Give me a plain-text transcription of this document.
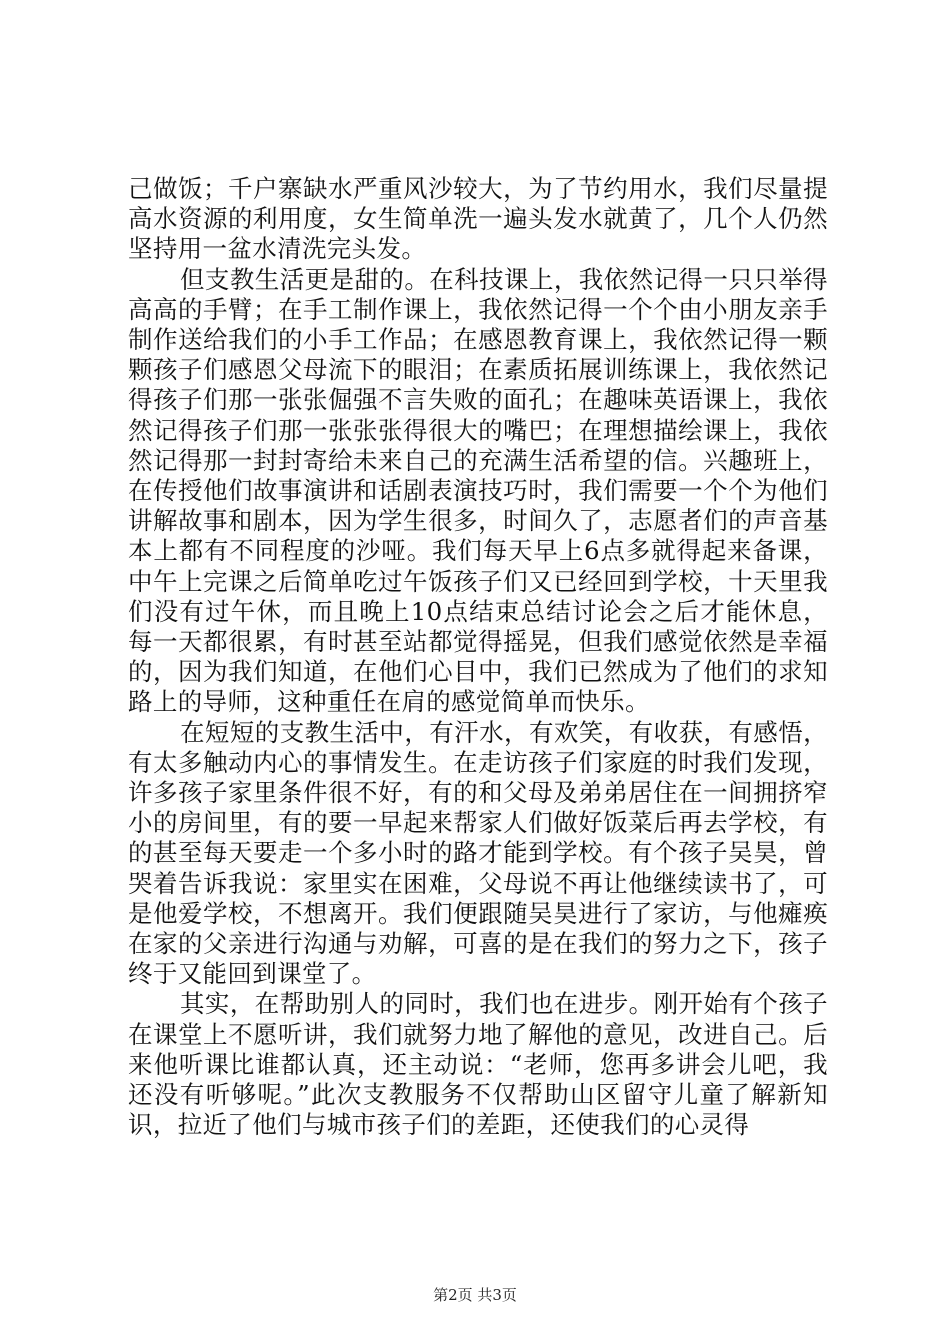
己做饭；千户寨缺水严重风沙较大，为了节约用水，我们尽量提高水资源的利用度，女生简单洗一遍头发水就黄了，几个人仍然坚持用一盆水清洗完头发。

但支教生活更是甜的。在科技课上，我依然记得一只只举得高高的手臂；在手工制作课上，我依然记得一个个由小朋友亲手制作送给我们的小手工作品；在感恩教育课上，我依然记得一颗颗孩子们感恩父母流下的眼泪；在素质拓展训练课上，我依然记得孩子们那一张张倔强不言失败的面孔；在趣味英语课上，我依然记得孩子们那一张张张得很大的嘴巴；在理想描绘课上，我依然记得那一封封寄给未来自己的充满生活希望的信。兴趣班上，在传授他们故事演讲和话剧表演技巧时，我们需要一个个为他们讲解故事和剧本，因为学生很多，时间久了，志愿者们的声音基本上都有不同程度的沙哑。我们每天早上6点多就得起来备课，中午上完课之后简单吃过午饭孩子们又已经回到学校，十天里我们没有过午休，而且晚上10点结束总结讨论会之后才能休息，每一天都很累，有时甚至站都觉得摇晃，但我们感觉依然是幸福的，因为我们知道，在他们心目中，我们已然成为了他们的求知路上的导师，这种重任在肩的感觉简单而快乐。

在短短的支教生活中，有汗水，有欢笑，有收获，有感悟，有太多触动内心的事情发生。在走访孩子们家庭的时我们发现，许多孩子家里条件很不好，有的和父母及弟弟居住在一间拥挤窄小的房间里，有的要一早起来帮家人们做好饭菜后再去学校，有的甚至每天要走一个多小时的路才能到学校。有个孩子吴昊，曾哭着告诉我说：家里实在困难，父母说不再让他继续读书了，可是他爱学校，不想离开。我们便跟随吴昊进行了家访，与他瘫痪在家的父亲进行沟通与劝解，可喜的是在我们的努力之下，孩子终于又能回到课堂了。

其实，在帮助别人的同时，我们也在进步。刚开始有个孩子在课堂上不愿听讲，我们就努力地了解他的意见，改进自己。后来他听课比谁都认真，还主动说：“老师，您再多讲会儿吧，我还没有听够呢。”此次支教服务不仅帮助山区留守儿童了解新知识，拉近了他们与城市孩子们的差距，还使我们的心灵得

第2页 共3页
